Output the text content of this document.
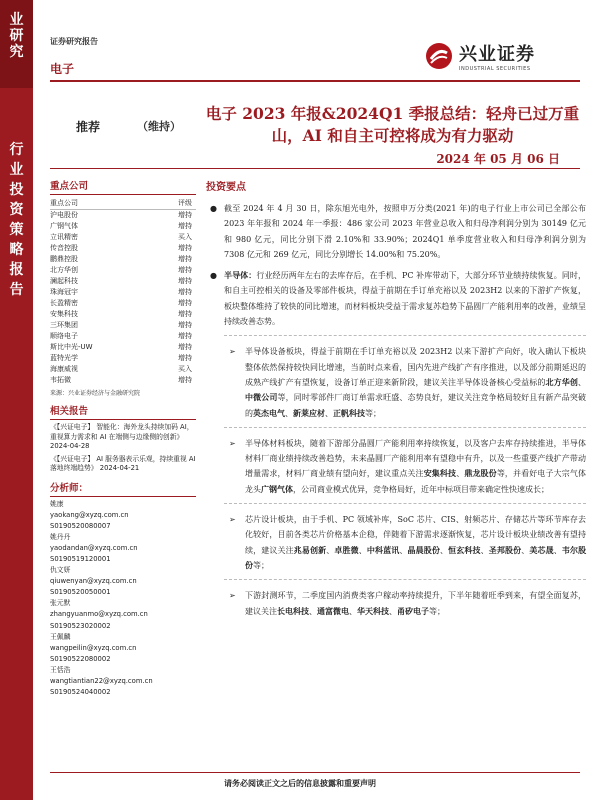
业
研
究
行
业
投
资
策
略
报
告
证券研究报告
电子
兴业证券
INDUSTRIAL SECURITIES
推荐	（维持）
电子 2023 年报&2024Q1 季报总结：轻舟已过万重山，AI 和自主可控将成为有力驱动
2024 年 05 月 06 日
重点公司
重点公司	评级
沪电股份	增持
广钢气体	增持
立讯精密	买入
传音控股	增持
鹏鼎控股	增持
北方华创	增持
澜起科技	增持
珠海冠宇	增持
长盈精密	增持
安集科技	增持
三环集团	增持
顺络电子	增持
斯比中光-UW	增持
蓝特光学	增持
海康威视	买入
韦拓微	增持
来源：兴业证券经济与金融研究院
相关报告
《【兴证电子】 智能化：海外龙头持续加码 AI，重视算力需求和 AI 在端侧与边缘侧的创新》
2024-04-28
《【兴证电子】 AI 服务器表示乐观，持续重视 AI 落地终端趋势》 2024-04-21
分析师：
姚康
yaokang@xyzq.com.cn
S0190520080007
姚丹丹
yaodandan@xyzq.com.cn
S0190519120001
仇文妍
qiuwenyan@xyzq.com.cn
S0190520050001
张元默
zhangyuanmo@xyzq.com.cn
S0190523020002
王佩麟
wangpeilin@xyzq.com.cn
S0190522080002
王恬浩
wangtiantian22@xyzq.com.cn
S0190524040002
投资要点
● 截至 2024 年 4 月 30 日，除东旭光电外，按照申万分类(2021 年)的电子行业上市公司已全部公布 2023 年年报和 2024 年一季报：486 家公司 2023 年营业总收入和归母净利润分别为 30149 亿元和 980 亿元，同比分别下滑 2.10%和 33.90%；2024Q1 单季度营业收入和归母净利润分别为 7308 亿元和 269 亿元，同比分别增长 14.00%和 75.20%。
● 半导体：行业经历两年左右的去库存后，在手机、PC 补库带动下，大部分环节业绩持续恢复。同时，和自主可控相关的设备及零部件板块，得益于前期在手订单充裕以及 2023H2 以来的下游扩产恢复，板块整体维持了较快的同比增速，而材料板块受益于需求复苏趋势下晶圆厂产能利用率的改善，业绩呈持续改善态势。
➢ 半导体设备板块，得益于前期在手订单充裕以及 2023H2 以来下游扩产向好，收入确认下板块整体依然保持较快同比增速，当前时点来看，国内先进产线扩产有序推进，以及部分前期延迟的成熟产线扩产有望恢复，设备订单正迎来新阶段，建议关注半导体设备核心受益标的北方华创、中微公司等，同时零部件厂商订单需求旺盛、态势良好，建议关注竞争格局较好且有新产品突破的英杰电气、新莱应材、正帆科技等；
➢ 半导体材料板块，随着下游部分晶圆厂产能利用率持续恢复，以及客户去库存持续推进，半导体材料厂商业绩持续改善趋势，未来晶圆厂产能利用率有望稳中有升，以及一些重要产线扩产带动增量需求，材料厂商业绩有望向好，建议重点关注安集科技、鼎龙股份等，并看好电子大宗气体龙头广钢气体，公司商业模式优异，竞争格局好，近年中标项目带来确定性快速成长；
➢ 芯片设计板块，由于手机、PC 领域补库，SoC 芯片、CIS、射频芯片、存储芯片等环节库存去化较好，目前各类芯片价格基本企稳，伴随着下游需求逐渐恢复，芯片设计板块业绩改善有望持续，建议关注兆易创新、卓胜微、中科蓝讯、晶晨股份、恒玄科技、圣邦股份、美芯晟、韦尔股份等；
➢ 下游封测环节，二季度国内消费类客户稼动率持续提升，下半年随着旺季到来，有望全面复苏，建议关注长电科技、通富微电、华天科技、甬矽电子等；
请务必阅读正文之后的信息披露和重要声明
